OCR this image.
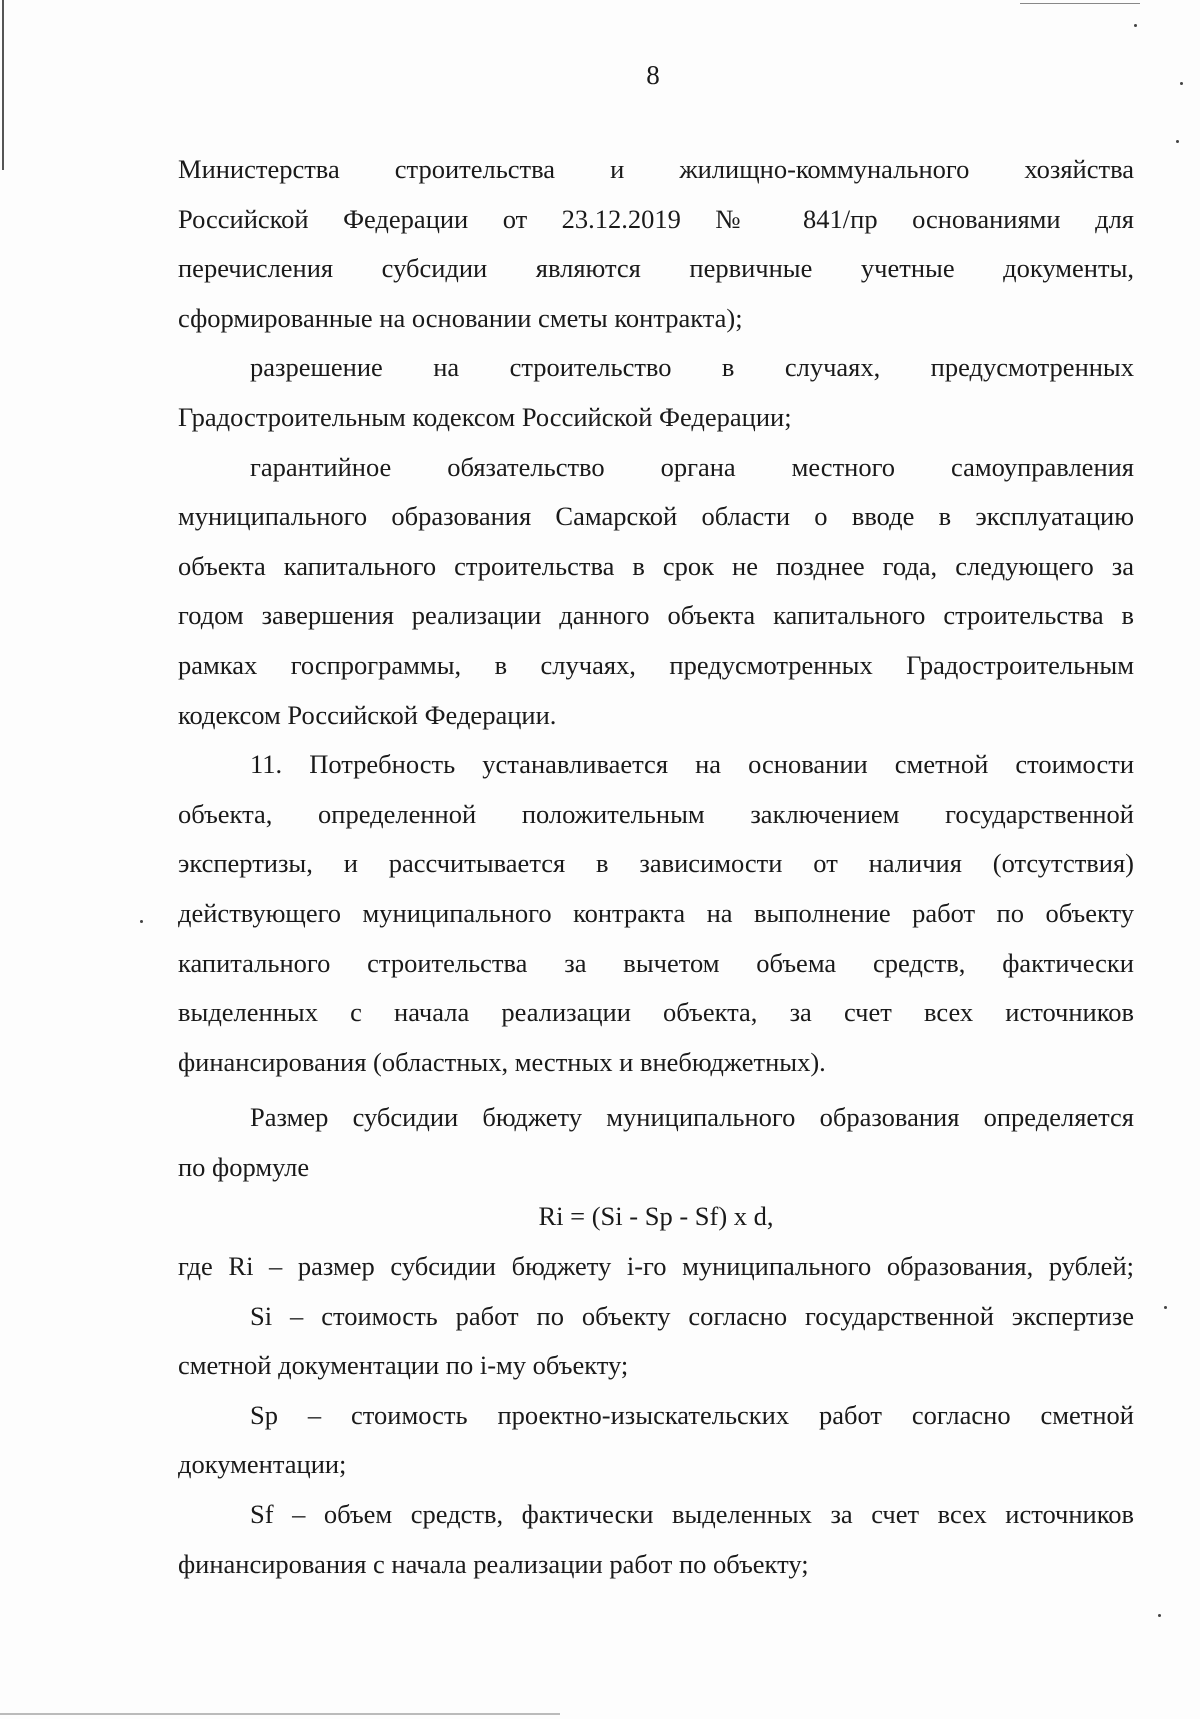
8
Министерства строительства и жилищно-коммунального хозяйства
Российской Федерации от 23.12.2019 № 841/пр основаниями для
перечисления субсидии являются первичные учетные документы,
сформированные на основании сметы контракта);
разрешение на строительство в случаях, предусмотренных
Градостроительным кодексом Российской Федерации;
гарантийное обязательство органа местного самоуправления
муниципального образования Самарской области о вводе в эксплуатацию
объекта капитального строительства в срок не позднее года, следующего за
годом завершения реализации данного объекта капитального строительства в
рамках госпрограммы, в случаях, предусмотренных Градостроительным
кодексом Российской Федерации.
11. Потребность устанавливается на основании сметной стоимости
объекта, определенной положительным заключением государственной
экспертизы, и рассчитывается в зависимости от наличия (отсутствия)
действующего муниципального контракта на выполнение работ по объекту
капитального строительства за вычетом объема средств, фактически
выделенных с начала реализации объекта, за счет всех источников
финансирования (областных, местных и внебюджетных).
Размер субсидии бюджету муниципального образования определяется
по формуле
Ri = (Si - Sp - Sf) x d,
где Ri – размер субсидии бюджету i-го муниципального образования, рублей;
Si – стоимость работ по объекту согласно государственной экспертизе
сметной документации по i-му объекту;
Sp – стоимость проектно-изыскательских работ согласно сметной
документации;
Sf – объем средств, фактически выделенных за счет всех источников
финансирования с начала реализации работ по объекту;
